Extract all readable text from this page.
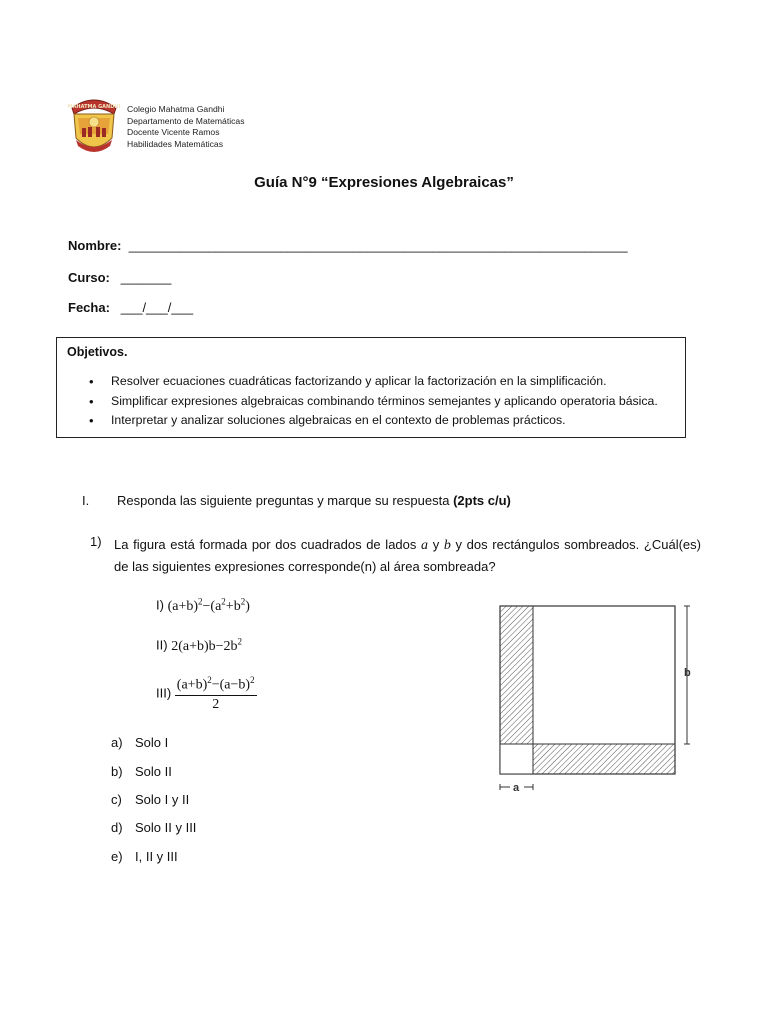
MAHATMA GANDHI Colegio Mahatma Gandhi
Departamento de Matemáticas
Docente Vicente Ramos
Habilidades Matemáticas
Guía N°9 “Expresiones Algebraicas”
Nombre: _____________________________________________________________________
Curso: _______
Fecha: ___/___/___
Objetivos.
• Resolver ecuaciones cuadráticas factorizando y aplicar la factorización en la simplificación.
• Simplificar expresiones algebraicas combinando términos semejantes y aplicando operatoria básica.
• Interpretar y analizar soluciones algebraicas en el contexto de problemas prácticos.
I. Responda las siguiente preguntas y marque su respuesta (2pts c/u)
1) La figura está formada por dos cuadrados de lados a y b y dos rectángulos sombreados. ¿Cuál(es) de las siguientes expresiones corresponde(n) al área sombreada?
I) $(a+b)^2-(a^2+b^2)$
II) $2(a+b)b-2b^2$
$III) \frac{(a+b)^2-(a-b)^2}{2}$
a) Solo I
b) Solo II
c) Solo I y II
d) Solo II y III
e) I, II y III
b
a
